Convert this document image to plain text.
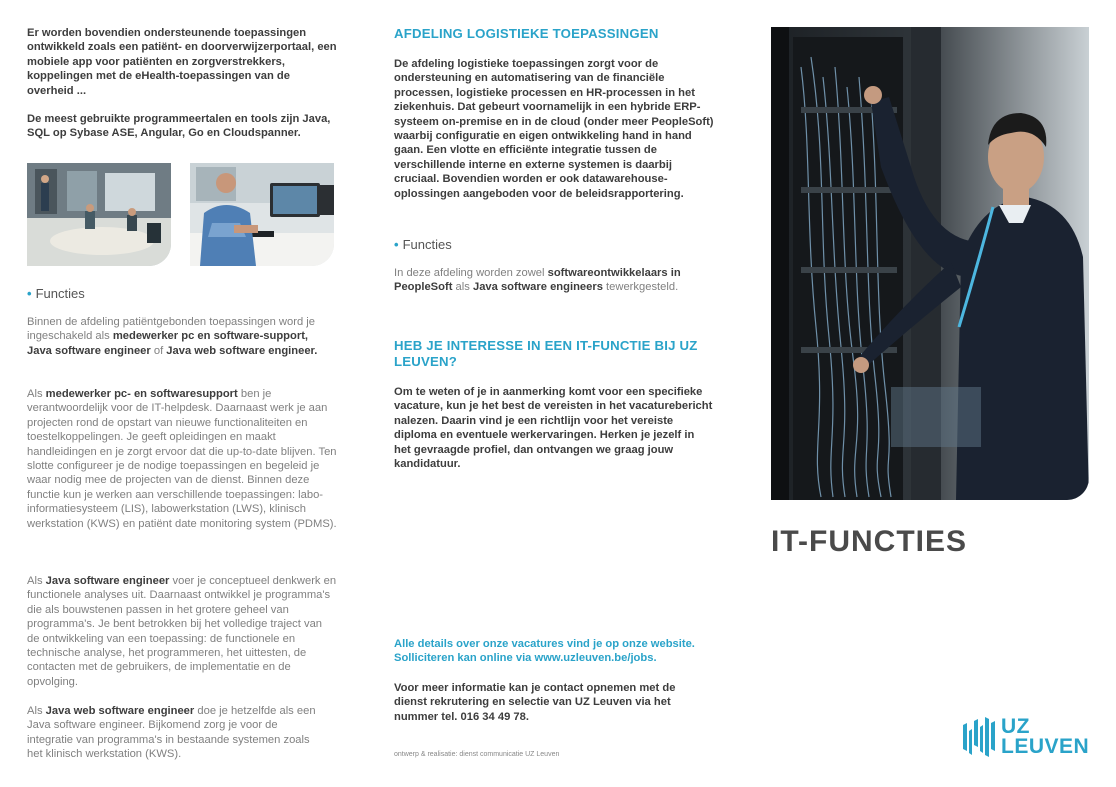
Er worden bovendien ondersteunende toepassingen ontwikkeld zoals een patiënt- en doorverwijzerportaal, een mobiele app voor patiënten en zorgverstrekkers, koppelingen met de eHealth-toepassingen van de overheid ...

De meest gebruikte programmeertalen en tools zijn Java, SQL op Sybase ASE, Angular, Go en Cloudspanner.

• Functies

Binnen de afdeling patiëntgebonden toepassingen word je ingeschakeld als medewerker pc en software-support, Java software engineer of Java web software engineer.

Als medewerker pc- en softwaresupport ben je verantwoordelijk voor de IT-helpdesk. Daarnaast werk je aan projecten rond de opstart van nieuwe functionaliteiten en toestelkoppelingen. Je geeft opleidingen en maakt handleidingen en je zorgt ervoor dat die up-to-date blijven. Ten slotte configureer je de nodige toepassingen en begeleid je waar nodig mee de projecten van de dienst. Binnen deze functie kun je werken aan verschillende toepassingen: labo-informatiesysteem (LIS), labowerkstation (LWS), klinisch werkstation (KWS) en patiënt date monitoring system (PDMS).

Als Java software engineer voer je conceptueel denkwerk en functionele analyses uit. Daarnaast ontwikkel je programma's die als bouwstenen passen in het grotere geheel van programma's. Je bent betrokken bij het volledige traject van de ontwikkeling van een toepassing: de functionele en technische analyse, het programmeren, het uittesten, de contacten met de gebruikers, de implementatie en de opvolging.

Als Java web software engineer doe je hetzelfde als een Java software engineer. Bijkomend zorg je voor de integratie van programma's in bestaande systemen zoals het klinisch werkstation (KWS).

AFDELING LOGISTIEKE TOEPASSINGEN

De afdeling logistieke toepassingen zorgt voor de ondersteuning en automatisering van de financiële processen, logistieke processen en HR-processen in het ziekenhuis. Dat gebeurt voornamelijk in een hybride ERP-systeem on-premise en in de cloud (onder meer PeopleSoft) waarbij configuratie en eigen ontwikkeling hand in hand gaan. Een vlotte en efficiënte integratie tussen de verschillende interne en externe systemen is daarbij cruciaal. Bovendien worden er ook datawarehouse-oplossingen aangeboden voor de beleidsrapportering.

• Functies

In deze afdeling worden zowel softwareontwikkelaars in PeopleSoft als Java software engineers tewerkgesteld.

HEB JE INTERESSE IN EEN IT-FUNCTIE BIJ UZ LEUVEN?

Om te weten of je in aanmerking komt voor een specifieke vacature, kun je het best de vereisten in het vacaturebericht nalezen. Daarin vind je een richtlijn voor het vereiste diploma en eventuele werkervaringen. Herken je jezelf in het gevraagde profiel, dan ontvangen we graag jouw kandidatuur.

Alle details over onze vacatures vind je op onze website. Solliciteren kan online via www.uzleuven.be/jobs.

Voor meer informatie kan je contact opnemen met de dienst rekrutering en selectie van UZ Leuven via het nummer tel. 016 34 49 78.

ontwerp & realisatie: dienst communicatie UZ Leuven
IT-FUNCTIES
UZ
LEUVEN
